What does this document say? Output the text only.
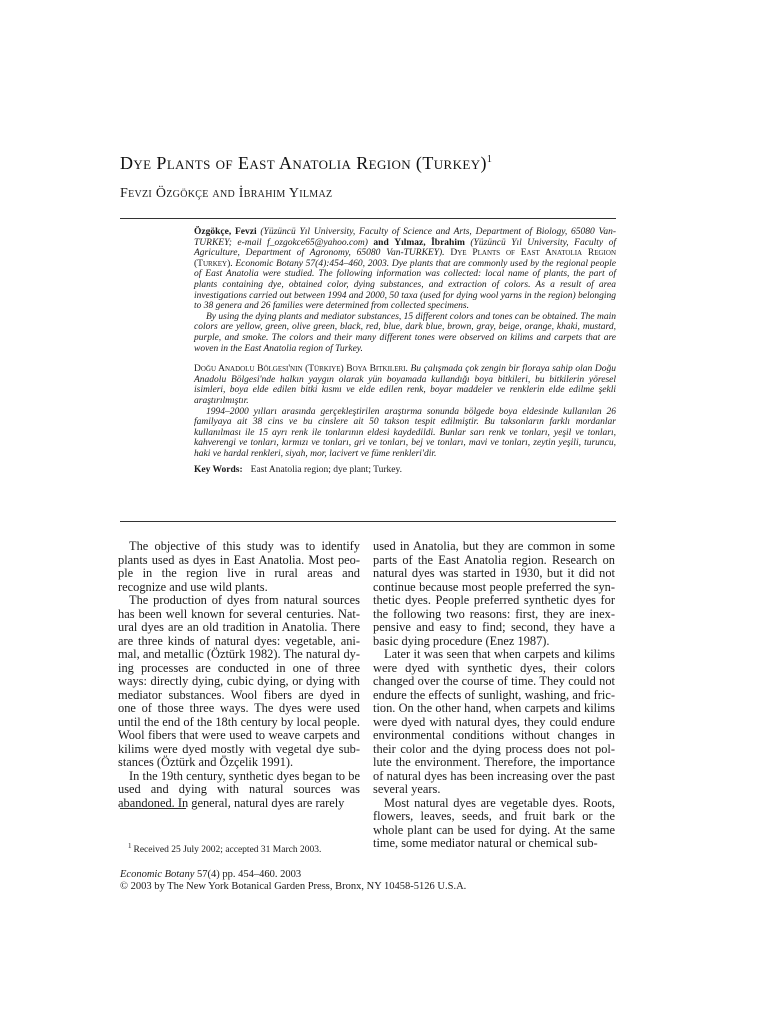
Dye Plants of East Anatolia Region (Turkey)$^1$
Fevzi Özgökçe and İbrahim Yilmaz

Özgökçe, Fevzi (Yüzüncü Yıl University, Faculty of Science and Arts, Department of Biology, 65080 Van-TURKEY; e-mail f_ozgokce65@yahoo.com) and Yılmaz, İbrahim (Yüzüncü Yıl University, Faculty of Agriculture, Department of Agronomy, 65080 Van-TURKEY). Dye Plants of East Anatolia Region (Turkey). Economic Botany 57(4):454–460, 2003. Dye plants that are commonly used by the regional people of East Anatolia were studied. The following information was collected: local name of plants, the part of plants containing dye, obtained color, dying substances, and extraction of colors. As a result of area investigations carried out between 1994 and 2000, 50 taxa (used for dying wool yarns in the region) belonging to 38 genera and 26 families were determined from collected specimens.

By using the dying plants and mediator substances, 15 different colors and tones can be obtained. The main colors are yellow, green, olive green, black, red, blue, dark blue, brown, gray, beige, orange, khaki, mustard, purple, and smoke. The colors and their many different tones were observed on kilims and carpets that are woven in the East Anatolia region of Turkey.

Doğu Anadolu Bölgesi'nin (Türkiye) Boya Bitkileri. Bu çalışmada çok zengin bir floraya sahip olan Doğu Anadolu Bölgesi'nde halkın yaygın olarak yün boyamada kullandığı boya bitkileri, bu bitkilerin yöresel isimleri, boya elde edilen bitki kısmı ve elde edilen renk, boyar maddeler ve renklerin elde edilme şekli araştırılmıştır.

1994–2000 yılları arasında gerçekleştirilen araştırma sonunda bölgede boya eldesinde kullanılan 26 familyaya ait 38 cins ve bu cinslere ait 50 takson tespit edilmiştir. Bu taksonların farklı mordanlar kullanılması ile 15 ayrı renk ile tonlarının eldesi kaydedildi. Bunlar sarı renk ve tonları, yeşil ve tonları, kahverengi ve tonları, kırmızı ve tonları, gri ve tonları, bej ve tonları, mavi ve tonları, zeytin yeşili, turuncu, haki ve hardal renkleri, siyah, mor, lacivert ve füme renkleri'dir.

Key Words: East Anatolia region; dye plant; Turkey.

The objective of this study was to identify plants used as dyes in East Anatolia. Most people in the region live in rural areas and recognize and use wild plants.

The production of dyes from natural sources has been well known for several centuries. Natural dyes are an old tradition in Anatolia. There are three kinds of natural dyes: vegetable, animal, and metallic (Öztürk 1982). The natural dying processes are conducted in one of three ways: directly dying, cubic dying, or dying with mediator substances. Wool fibers are dyed in one of those three ways. The dyes were used until the end of the 18th century by local people. Wool fibers that were used to weave carpets and kilims were dyed mostly with vegetal dye substances (Öztürk and Özçelik 1991).

In the 19th century, synthetic dyes began to be used and dying with natural sources was abandoned. In general, natural dyes are rarely

used in Anatolia, but they are common in some parts of the East Anatolia region. Research on natural dyes was started in 1930, but it did not continue because most people preferred the synthetic dyes. People preferred synthetic dyes for the following two reasons: first, they are inexpensive and easy to find; second, they have a basic dying procedure (Enez 1987).

Later it was seen that when carpets and kilims were dyed with synthetic dyes, their colors changed over the course of time. They could not endure the effects of sunlight, washing, and friction. On the other hand, when carpets and kilims were dyed with natural dyes, they could endure environmental conditions without changes in their color and the dying process does not pollute the environment. Therefore, the importance of natural dyes has been increasing over the past several years.

Most natural dyes are vegetable dyes. Roots, flowers, leaves, seeds, and fruit bark or the whole plant can be used for dying. At the same time, some mediator natural or chemical sub-

$^1$ Received 25 July 2002; accepted 31 March 2003.
Economic Botany 57(4) pp. 454–460. 2003
© 2003 by The New York Botanical Garden Press, Bronx, NY 10458-5126 U.S.A.
